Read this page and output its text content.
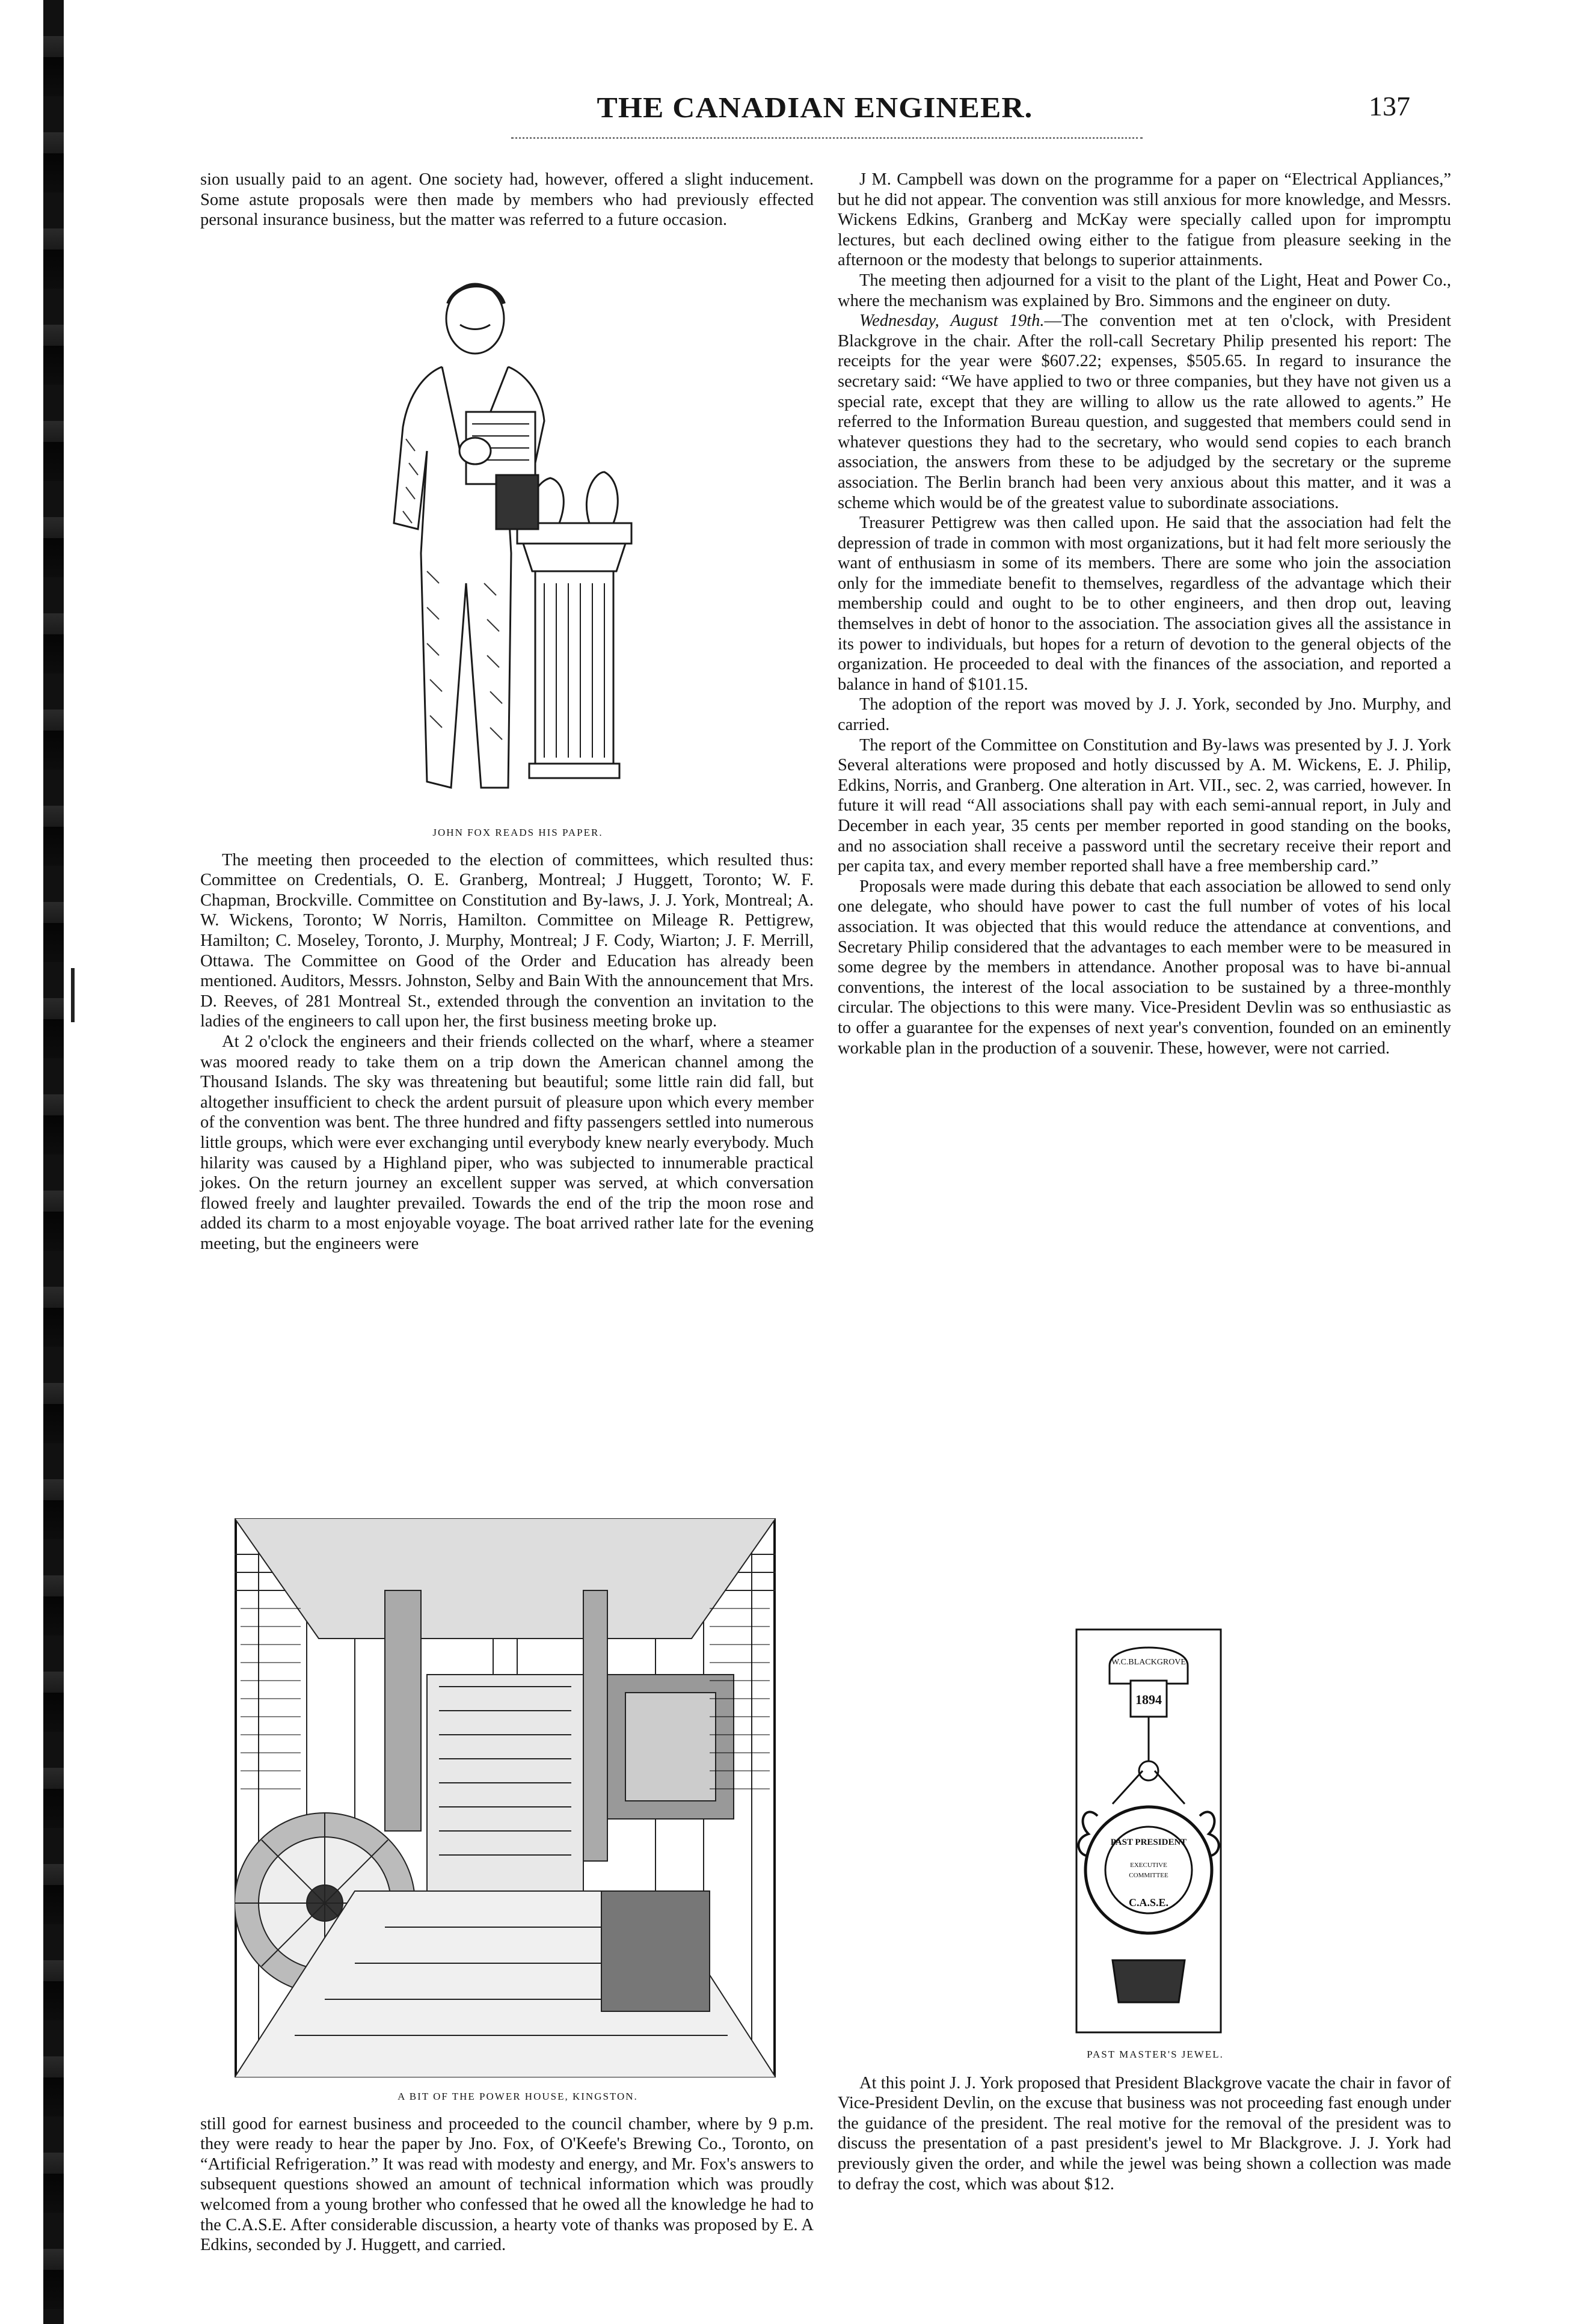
THE CANADIAN ENGINEER.	137

sion usually paid to an agent. One society had, however, offered a slight inducement. Some astute proposals were then made by members who had previously effected personal insurance business, but the matter was referred to a future occasion.

JOHN FOX READS HIS PAPER.

The meeting then proceeded to the election of committees, which resulted thus: Committee on Credentials, O. E. Granberg, Montreal; J Huggett, Toronto; W. F. Chapman, Brockville. Committee on Constitution and By-laws, J. J. York, Montreal; A. W. Wickens, Toronto; W Norris, Hamilton. Committee on Mileage R. Pettigrew, Hamilton; C. Moseley, Toronto, J. Murphy, Montreal; J F. Cody, Wiarton; J. F. Merrill, Ottawa. The Committee on Good of the Order and Education has already been mentioned. Auditors, Messrs. Johnston, Selby and Bain With the announcement that Mrs. D. Reeves, of 281 Montreal St., extended through the convention an invitation to the ladies of the engineers to call upon her, the first business meeting broke up.

At 2 o'clock the engineers and their friends collected on the wharf, where a steamer was moored ready to take them on a trip down the American channel among the Thousand Islands. The sky was threatening but beautiful; some little rain did fall, but altogether insufficient to check the ardent pursuit of pleasure upon which every member of the convention was bent. The three hundred and fifty passengers settled into numerous little groups, which were ever exchanging until everybody knew nearly everybody. Much hilarity was caused by a Highland piper, who was subjected to innumerable practical jokes. On the return journey an excellent supper was served, at which conversation flowed freely and laughter prevailed. Towards the end of the trip the moon rose and added its charm to a most enjoyable voyage. The boat arrived rather late for the evening meeting, but the engineers were

A BIT OF THE POWER HOUSE, KINGSTON.

still good for earnest business and proceeded to the council chamber, where by 9 p.m. they were ready to hear the paper by Jno. Fox, of O'Keefe's Brewing Co., Toronto, on “Artificial Refrigeration.” It was read with modesty and energy, and Mr. Fox's answers to subsequent questions showed an amount of technical information which was proudly welcomed from a young brother who confessed that he owed all the knowledge he had to the C.A.S.E. After considerable discussion, a hearty vote of thanks was proposed by E. A Edkins, seconded by J. Huggett, and carried.

J M. Campbell was down on the programme for a paper on “Electrical Appliances,” but he did not appear. The convention was still anxious for more knowledge, and Messrs. Wickens Edkins, Granberg and McKay were specially called upon for impromptu lectures, but each declined owing either to the fatigue from pleasure seeking in the afternoon or the modesty that belongs to superior attainments.

The meeting then adjourned for a visit to the plant of the Light, Heat and Power Co., where the mechanism was explained by Bro. Simmons and the engineer on duty.

Wednesday, August 19th.—The convention met at ten o'clock, with President Blackgrove in the chair. After the roll-call Secretary Philip presented his report: The receipts for the year were $607.22; expenses, $505.65. In regard to insurance the secretary said: “We have applied to two or three companies, but they have not given us a special rate, except that they are willing to allow us the rate allowed to agents.” He referred to the Information Bureau question, and suggested that members could send in whatever questions they had to the secretary, who would send copies to each branch association, the answers from these to be adjudged by the secretary or the supreme association. The Berlin branch had been very anxious about this matter, and it was a scheme which would be of the greatest value to subordinate associations.

Treasurer Pettigrew was then called upon. He said that the association had felt the depression of trade in common with most organizations, but it had felt more seriously the want of enthusiasm in some of its members. There are some who join the association only for the immediate benefit to themselves, regardless of the advantage which their membership could and ought to be to other engineers, and then drop out, leaving themselves in debt of honor to the association. The association gives all the assistance in its power to individuals, but hopes for a return of devotion to the general objects of the organization. He proceeded to deal with the finances of the association, and reported a balance in hand of $101.15.

The adoption of the report was moved by J. J. York, seconded by Jno. Murphy, and carried.

The report of the Committee on Constitution and By-laws was presented by J. J. York Several alterations were proposed and hotly discussed by A. M. Wickens, E. J. Philip, Edkins, Norris, and Granberg. One alteration in Art. VII., sec. 2, was carried, however. In future it will read “All associations shall pay with each semi-annual report, in July and December in each year, 35 cents per member reported in good standing on the books, and no association shall receive a password until the secretary receive their report and per capita tax, and every member reported shall have a free membership card.”

Proposals were made during this debate that each association be allowed to send only one delegate, who should have power to cast the full number of votes of his local association. It was objected that this would reduce the attendance at conventions, and Secretary Philip considered that the advantages to each member were to be measured in some degree by the members in attendance. Another proposal was to have bi-annual conventions, the interest of the local association to be sustained by a three-monthly circular. The objections to this were many. Vice-President Devlin was so enthusiastic as to offer a guarantee for the expenses of next year's convention, founded on an eminently workable plan in the production of a souvenir. These, however, were not carried.

W.C.BLACKGROVE
1894
PAST PRESIDENT
EXECUTIVE
COMMITTEE
C.A.S.E.

PAST MASTER'S JEWEL.

At this point J. J. York proposed that President Blackgrove vacate the chair in favor of Vice-President Devlin, on the excuse that business was not proceeding fast enough under the guidance of the president. The real motive for the removal of the president was to discuss the presentation of a past president's jewel to Mr Blackgrove. J. J. York had previously given the order, and while the jewel was being shown a collection was made to defray the cost, which was about $12.
